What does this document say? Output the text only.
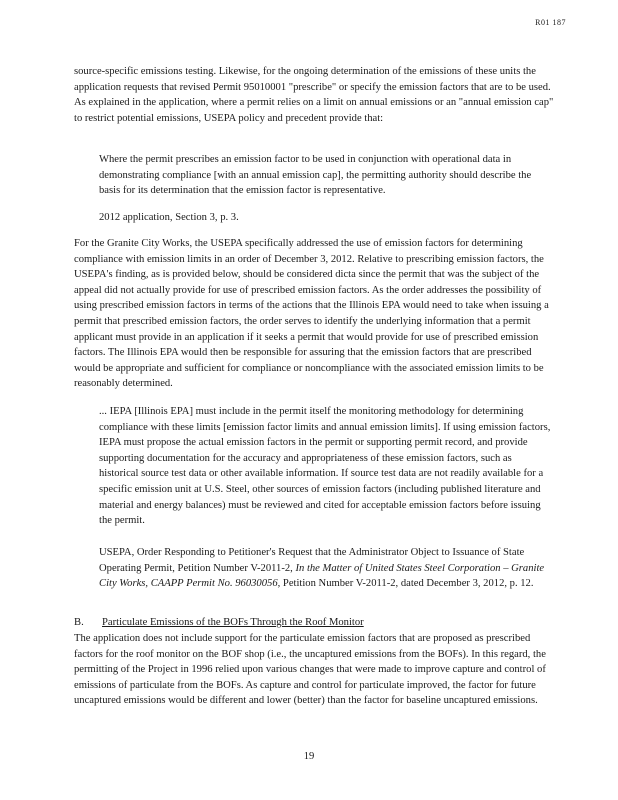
R01 187

source-specific emissions testing. Likewise, for the ongoing determination of the emissions of these units the application requests that revised Permit 95010001 "prescribe" or specify the emission factors that are to be used. As explained in the application, where a permit relies on a limit on annual emissions or an "annual emission cap" to restrict potential emissions, USEPA policy and precedent provide that:

Where the permit prescribes an emission factor to be used in conjunction with operational data in demonstrating compliance [with an annual emission cap], the permitting authority should describe the basis for its determination that the emission factor is representative.

2012 application, Section 3, p. 3.

For the Granite City Works, the USEPA specifically addressed the use of emission factors for determining compliance with emission limits in an order of December 3, 2012. Relative to prescribing emission factors, the USEPA's finding, as is provided below, should be considered dicta since the permit that was the subject of the appeal did not actually provide for use of prescribed emission factors. As the order addresses the possibility of using prescribed emission factors in terms of the actions that the Illinois EPA would need to take when issuing a permit that prescribed emission factors, the order serves to identify the underlying information that a permit applicant must provide in an application if it seeks a permit that would provide for use of prescribed emission factors. The Illinois EPA would then be responsible for assuring that the emission factors that are prescribed would be appropriate and sufficient for compliance or noncompliance with the associated emission limits to be reasonably determined.

... IEPA [Illinois EPA] must include in the permit itself the monitoring methodology for determining compliance with these limits [emission factor limits and annual emission limits]. If using emission factors, IEPA must propose the actual emission factors in the permit or supporting permit record, and provide supporting documentation for the accuracy and appropriateness of these emission factors, such as historical source test data or other available information. If source test data are not readily available for a specific emission unit at U.S. Steel, other sources of emission factors (including published literature and material and energy balances) must be reviewed and cited for acceptable emission factors before issuing the permit.

USEPA, Order Responding to Petitioner's Request that the Administrator Object to Issuance of State Operating Permit, Petition Number V-2011-2, In the Matter of United States Steel Corporation – Granite City Works, CAAPP Permit No. 96030056, Petition Number V-2011-2, dated December 3, 2012, p. 12.

B. Particulate Emissions of the BOFs Through the Roof Monitor

The application does not include support for the particulate emission factors that are proposed as prescribed factors for the roof monitor on the BOF shop (i.e., the uncaptured emissions from the BOFs). In this regard, the permitting of the Project in 1996 relied upon various changes that were made to improve capture and control of emissions of particulate from the BOFs. As capture and control for particulate improved, the factor for future uncaptured emissions would be different and lower (better) than the factor for baseline uncaptured emissions.

19
